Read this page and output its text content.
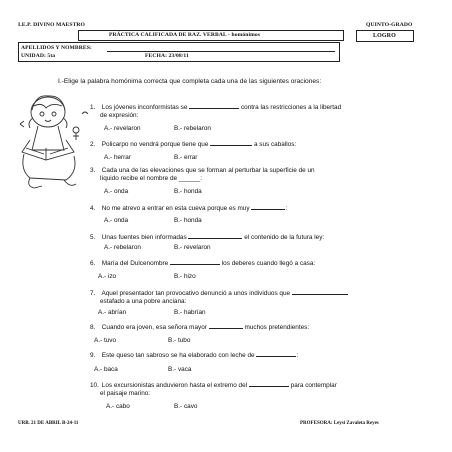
I.E.P. DIVINO MAESTRO	QUINTO-GRADO
PRÁCTICA CALIFICADA DE RAZ. VERBAL - homónimos	LOGRO
APELLIDOS Y NOMBRES:
UNIDAD: 5ta	FECHA: 23/08/11
I.-Elige la palabra homónima correcta que completa cada una de las siguientes oraciones:
1. Los jóvenes inconformistas se	contra las restricciones a la libertad
de expresión:
A.- revelaron	B.- rebelaron
2. Policarpo no vendrá porque tiene que	a sus caballos:
A.- herrar	B.- errar
3. Cada una de las elevaciones que se forman al perturbar la superficie de un
líquido recibe el nombre de ______:
A.- onda	B.- honda
4. No me atrevo a entrar en esta cueva porque es muy	:
A.- onda	B.- honda
5. Unas fuentes bien informadas	el contenido de la futura ley:
A.- rebelaron	B.- revelaron
6. María del Dulcenombre	los deberes cuando llegó a casa:
A.- izo	B.- hizo
7. Aquel presentador tan provocativo denunció a unos individuos que
estafado a una pobre anciana:
A.- abrían	B.- habrían
8. Cuando era joven, esa señora mayor	muchos pretendientes:
A.- tuvo	B.- tubo
9. Este queso tan sabroso se ha elaborado con leche de	:
A.- baca	B.- vaca
10. Los excursionistas anduvieron hasta el extremo del	para contemplar
el paisaje marino:
A.- cabo	B.- cavo
URB. 21 DE ABRIL B-24-11	PROFESORA: Leysi Zavaleta Reyes
